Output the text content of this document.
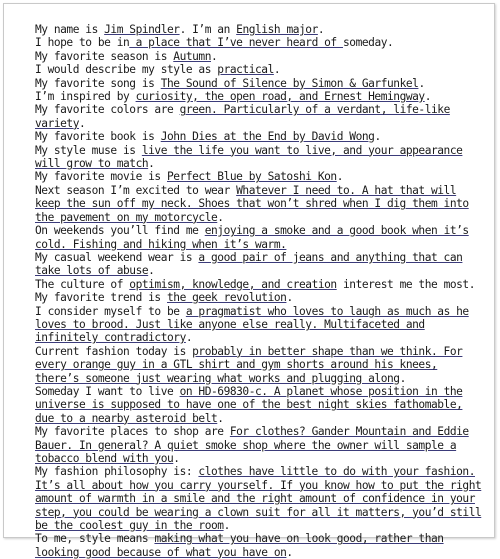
My name is Jim Spindler. I’m an English major.

I hope to be in a place that I’ve never heard of someday.

My favorite season is Autumn.

I would describe my style as practical.

My favorite song is The Sound of Silence by Simon & Garfunkel.

I’m inspired by curiosity, the open road, and Ernest Hemingway.

My favorite colors are green. Particularly of a verdant, life-like variety.

My favorite book is John Dies at the End by David Wong.

My style muse is live the life you want to live, and your appearance will grow to match.

My favorite movie is Perfect Blue by Satoshi Kon.

Next season I’m excited to wear Whatever I need to. A hat that will keep the sun off my neck. Shoes that won’t shred when I dig them into the pavement on my motorcycle.

On weekends you’ll find me enjoying a smoke and a good book when it’s cold. Fishing and hiking when it’s warm.

My casual weekend wear is a good pair of jeans and anything that can take lots of abuse.

The culture of optimism, knowledge, and creation interest me the most.

My favorite trend is the geek revolution.

I consider myself to be a pragmatist who loves to laugh as much as he loves to brood. Just like anyone else really. Multifaceted and infinitely contradictory.

Current fashion today is probably in better shape than we think. For every orange guy in a GTL shirt and gym shorts around his knees, there’s someone just wearing what works and plugging along.

Someday I want to live on HD-69830-c. A planet whose position in the universe is supposed to have one of the best night skies fathomable, due to a nearby asteroid belt.

My favorite places to shop are For clothes? Gander Mountain and Eddie Bauer. In general? A quiet smoke shop where the owner will sample a tobacco blend with you.

My fashion philosophy is: clothes have little to do with your fashion. It’s all about how you carry yourself. If you know how to put the right amount of warmth in a smile and the right amount of confidence in your step, you could be wearing a clown suit for all it matters, you’d still be the coolest guy in the room.

To me, style means making what you have on look good, rather than looking good because of what you have on.
